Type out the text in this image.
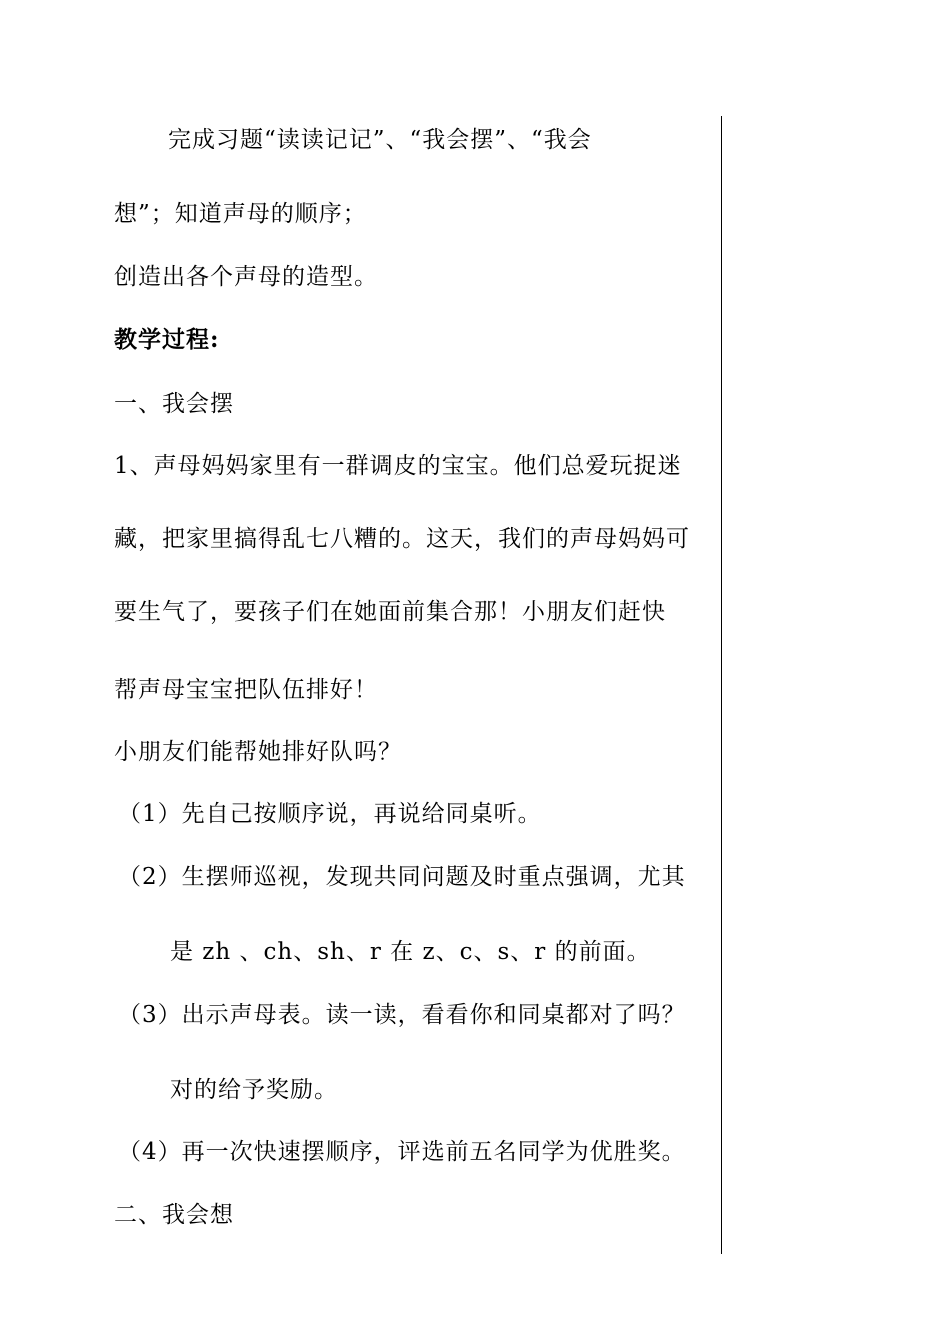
完成习题“读读记记”、“我会摆”、“我会
想”；知道声母的顺序；
创造出各个声母的造型。
教学过程:
一、我会摆
1、声母妈妈家里有一群调皮的宝宝。他们总爱玩捉迷
藏，把家里搞得乱七八糟的。这天，我们的声母妈妈可
要生气了，要孩子们在她面前集合那！小朋友们赶快
帮声母宝宝把队伍排好！
小朋友们能帮她排好队吗？
（1）先自己按顺序说，再说给同桌听。
（2）生摆师巡视，发现共同问题及时重点强调，尤其
是 zh 、ch、sh、r 在 z、c、s、r 的前面。
（3）出示声母表。读一读，看看你和同桌都对了吗？
对的给予奖励。
（4）再一次快速摆顺序，评选前五名同学为优胜奖。
二、我会想
